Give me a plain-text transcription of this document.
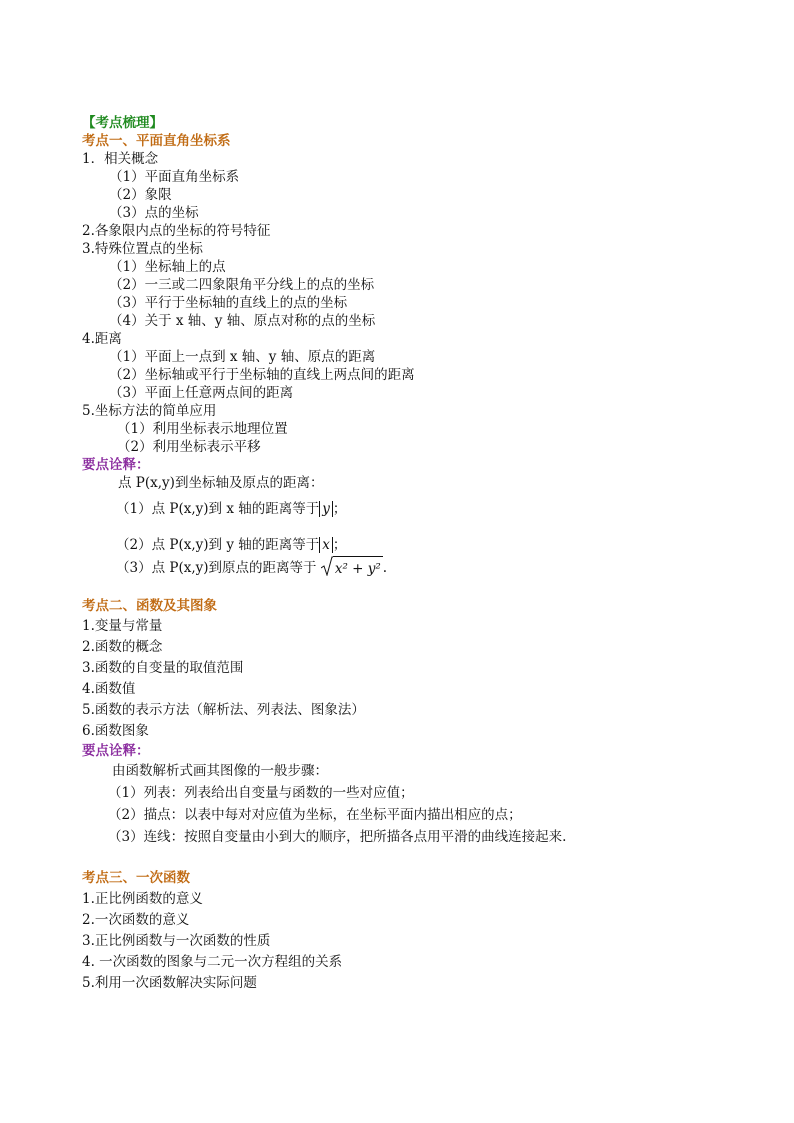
【考点梳理】
考点一、平面直角坐标系
1．相关概念
（1）平面直角坐标系
（2）象限
（3）点的坐标
2.各象限内点的坐标的符号特征
3.特殊位置点的坐标
（1）坐标轴上的点
（2）一三或二四象限角平分线上的点的坐标
（3）平行于坐标轴的直线上的点的坐标
（4）关于 x 轴、y 轴、原点对称的点的坐标
4.距离
（1）平面上一点到 x 轴、y 轴、原点的距离
（2）坐标轴或平行于坐标轴的直线上两点间的距离
（3）平面上任意两点间的距离
5.坐标方法的简单应用
（1）利用坐标表示地理位置
（2）利用坐标表示平移
要点诠释：
点 P(x,y)到坐标轴及原点的距离：
（1）点 P(x,y)到 x 轴的距离等于 y ；
（2）点 P(x,y)到 y 轴的距离等于 x ；
（3）点 P(x,y)到原点的距离等于 x² + y² .
考点二、函数及其图象
1.变量与常量
2.函数的概念
3.函数的自变量的取值范围
4.函数值
5.函数的表示方法（解析法、列表法、图象法）
6.函数图象
要点诠释：
由函数解析式画其图像的一般步骤：
（1）列表：列表给出自变量与函数的一些对应值；
（2）描点：以表中每对对应值为坐标，在坐标平面内描出相应的点；
（3）连线：按照自变量由小到大的顺序，把所描各点用平滑的曲线连接起来.
考点三、一次函数
1.正比例函数的意义
2.一次函数的意义
3.正比例函数与一次函数的性质
4. 一次函数的图象与二元一次方程组的关系
5.利用一次函数解决实际问题
